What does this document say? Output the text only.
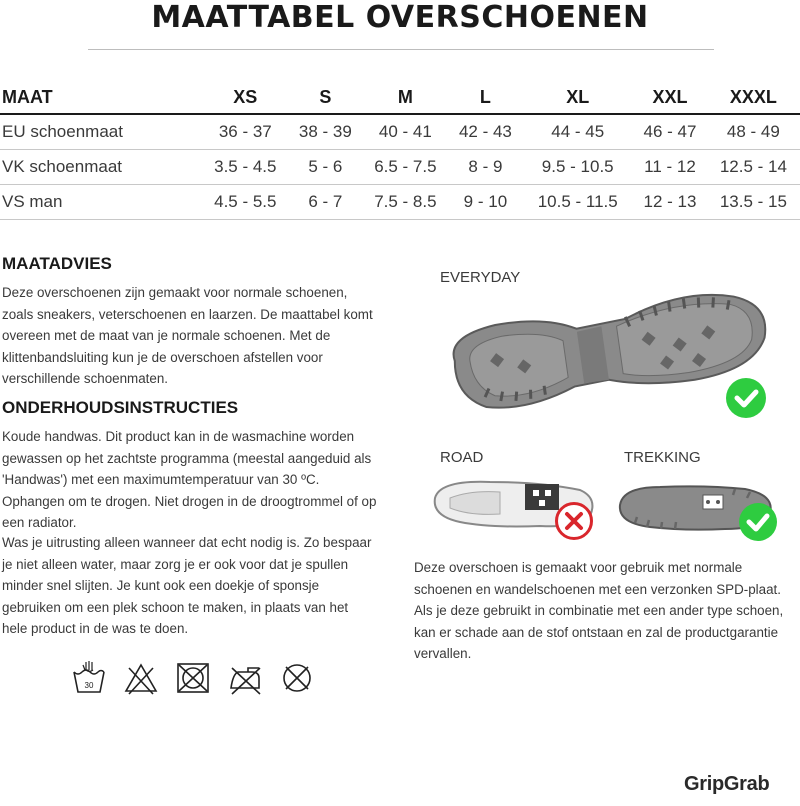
MAATTABEL OVERSCHOENEN
MAAT	XS	S	M	L	XL	XXL	XXXL
EU schoenmaat	36 - 37	38 - 39	40 - 41	42 - 43	44 - 45	46 - 47	48 - 49
VK schoenmaat	3.5 - 4.5	5 - 6	6.5 - 7.5	8 - 9	9.5 - 10.5	11 - 12	12.5 - 14
VS man	4.5 - 5.5	6 - 7	7.5 - 8.5	9 - 10	10.5 - 11.5	12 - 13	13.5 - 15
MAATADVIES
Deze overschoenen zijn gemaakt voor normale schoenen, zoals sneakers, veterschoenen en laarzen. De maattabel komt overeen met de maat van je normale schoenen. Met de klittenbandsluiting kun je de overschoen afstellen voor verschillende schoenmaten.
ONDERHOUDSINSTRUCTIES
Koude handwas. Dit product kan in de wasmachine worden gewassen op het zachtste programma (meestal aangeduid als 'Handwas') met een maximumtemperatuur van 30 ºC. Ophangen om te drogen. Niet drogen in de droogtrommel of op een radiator.
Was je uitrusting alleen wanneer dat echt nodig is. Zo bespaar je niet alleen water, maar zorg je er ook voor dat je spullen minder snel slijten. Je kunt ook een doekje of sponsje gebruiken om een plek schoon te maken, in plaats van het hele product in de was te doen.
30
EVERYDAY
ROAD	TREKKING
Deze overschoen is gemaakt voor gebruik met normale schoenen en wandelschoenen met een verzonken SPD-plaat. Als je deze gebruikt in combinatie met een ander type schoen, kan er schade aan de stof ontstaan en zal de productgarantie vervallen.
GripGrab
